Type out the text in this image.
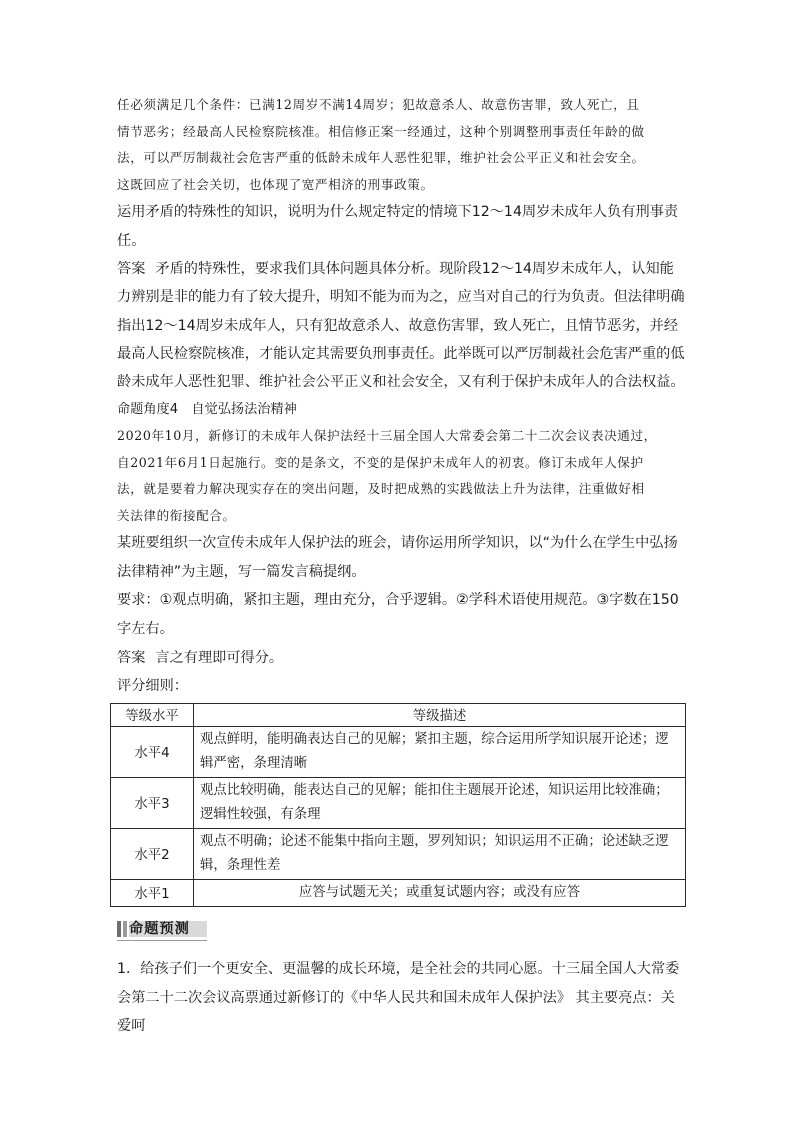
任必须满足几个条件：已满12周岁不满14周岁；犯故意杀人、故意伤害罪，致人死亡，且

情节恶劣；经最高人民检察院核准。相信修正案一经通过，这种个别调整刑事责任年龄的做

法，可以严厉制裁社会危害严重的低龄未成年人恶性犯罪，维护社会公平正义和社会安全。

这既回应了社会关切，也体现了宽严相济的刑事政策。

运用矛盾的特殊性的知识，说明为什么规定特定的情境下12～14周岁未成年人负有刑事责任。

答案 矛盾的特殊性，要求我们具体问题具体分析。现阶段12～14周岁未成年人，认知能力辨别是非的能力有了较大提升，明知不能为而为之，应当对自己的行为负责。但法律明确指出12～14周岁未成年人，只有犯故意杀人、故意伤害罪，致人死亡，且情节恶劣，并经最高人民检察院核准，才能认定其需要负刑事责任。此举既可以严厉制裁社会危害严重的低龄未成年人恶性犯罪、维护社会公平正义和社会安全，又有利于保护未成年人的合法权益。

命题角度4　自觉弘扬法治精神

2020年10月，新修订的未成年人保护法经十三届全国人大常委会第二十二次会议表决通过，

自2021年6月1日起施行。变的是条文，不变的是保护未成年人的初衷。修订未成年人保护

法，就是要着力解决现实存在的突出问题，及时把成熟的实践做法上升为法律，注重做好相

关法律的衔接配合。

某班要组织一次宣传未成年人保护法的班会，请你运用所学知识，以“为什么在学生中弘扬法律精神”为主题，写一篇发言稿提纲。

要求：①观点明确，紧扣主题，理由充分，合乎逻辑。②学科术语使用规范。③字数在150字左右。

答案 言之有理即可得分。

评分细则：

等级水平	等级描述
水平4	观点鲜明，能明确表达自己的见解；紧扣主题，综合运用所学知识展开论述；逻辑严密，条理清晰
水平3	观点比较明确，能表达自己的见解；能扣住主题展开论述，知识运用比较准确；逻辑性较强，有条理
水平2	观点不明确；论述不能集中指向主题，罗列知识；知识运用不正确；论述缺乏逻辑，条理性差
水平1	应答与试题无关；或重复试题内容；或没有应答
命题预测

1．给孩子们一个更安全、更温馨的成长环境，是全社会的共同心愿。十三届全国人大常委会第二十二次会议高票通过新修订的《中华人民共和国未成年人保护法》 其主要亮点：关爱呵
